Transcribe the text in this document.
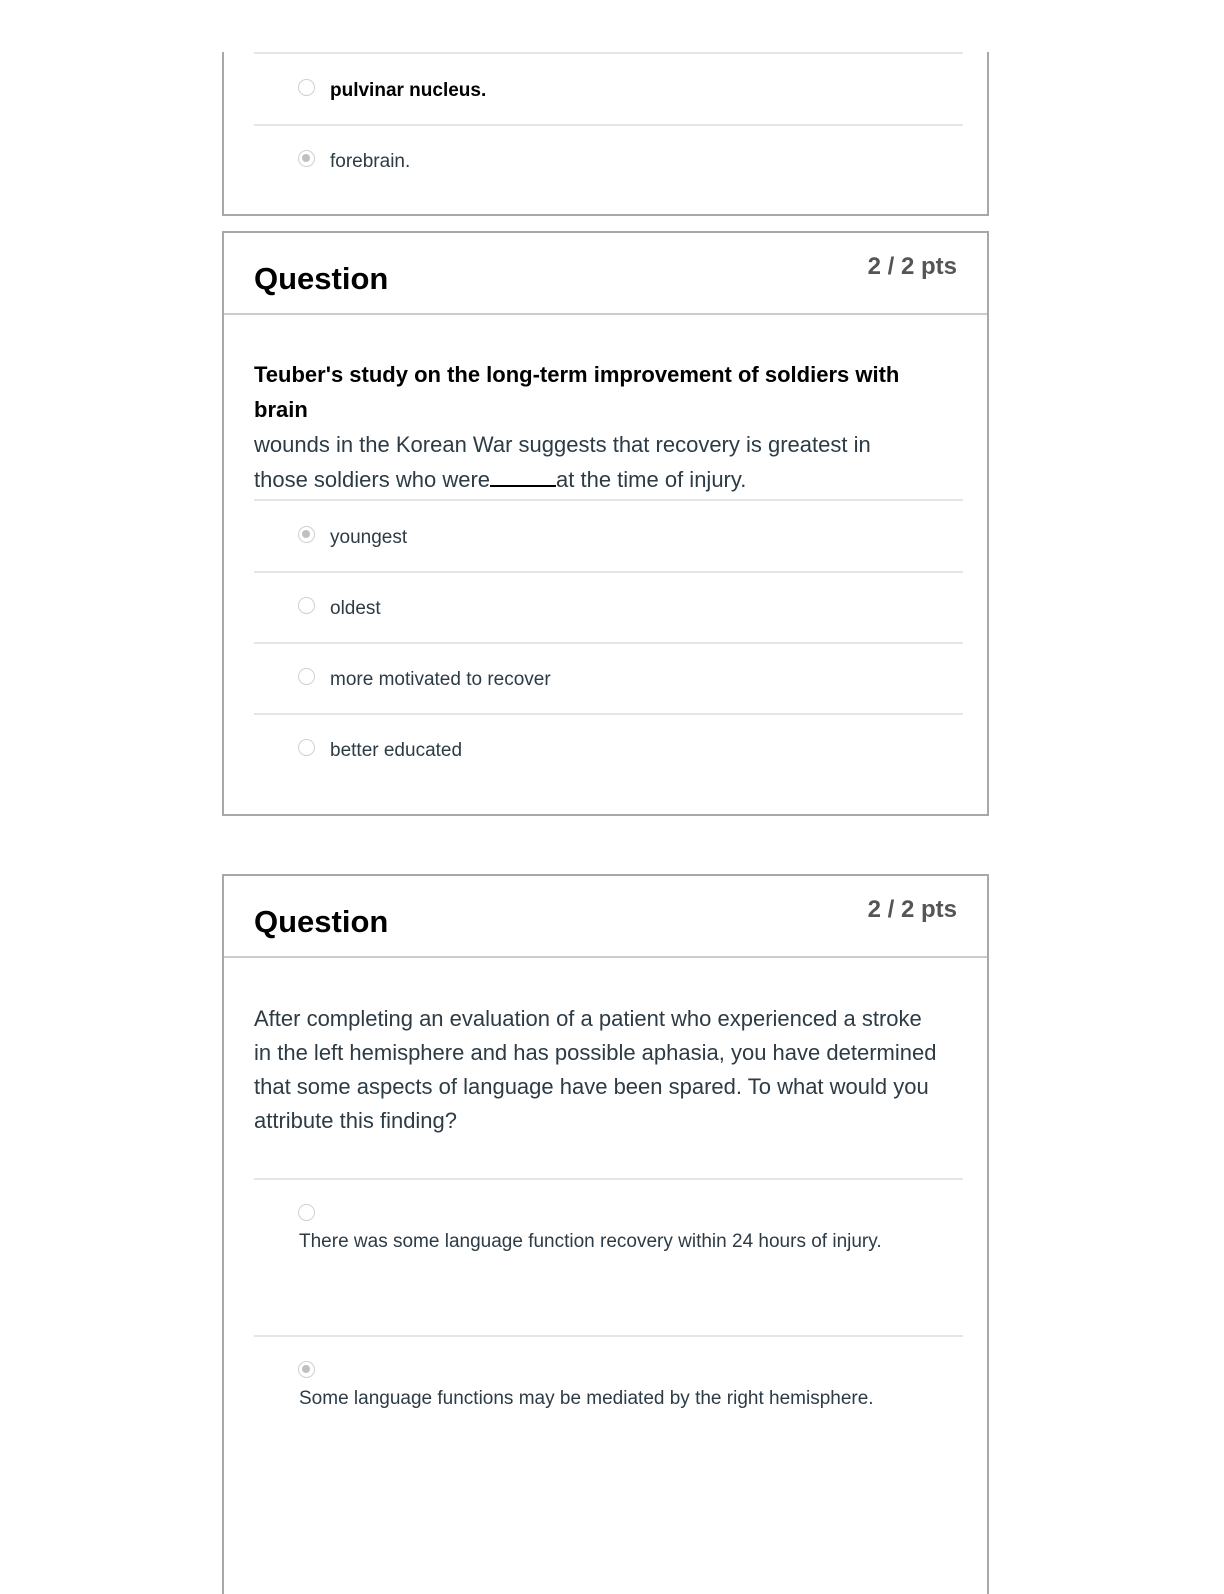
pulvinar nucleus.
forebrain.
Question	2 / 2 pts
Teuber's study on the long-term improvement of soldiers with brain
wounds in the Korean War suggests that recovery is greatest in
those soldiers who were	at the time of injury.
youngest
oldest
more motivated to recover
better educated
Question	2 / 2 pts
After completing an evaluation of a patient who experienced a stroke in the left hemisphere and has possible aphasia, you have determined that some aspects of language have been spared. To what would you attribute this finding?
There was some language function recovery within 24 hours of injury.
Some language functions may be mediated by the right hemisphere.
